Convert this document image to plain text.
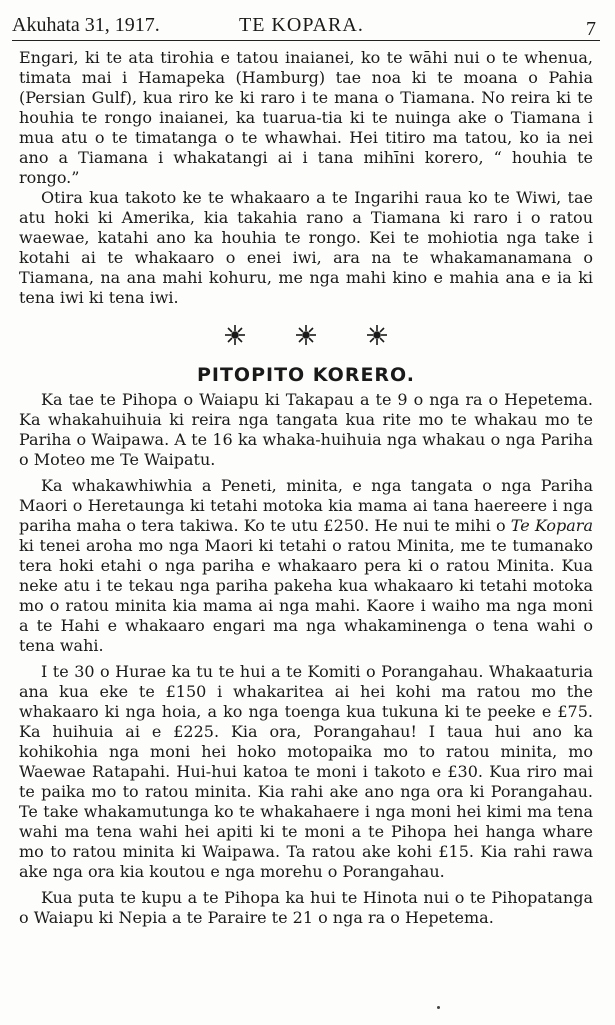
Akuhata 31, 1917.	TE KOPARA.	7

Engari, ki te ata tirohia e tatou inaianei, ko te wāhi nui o te whenua, timata mai i Hamapeka (Hamburg) tae noa ki te moana o Pahia (Persian Gulf), kua riro ke ki raro i te mana o Tiamana. No reira ki te houhia te rongo inaianei, ka tuarua-tia ki te nuinga ake o Tiamana i mua atu o te timatanga o te whawhai. Hei titiro ma tatou, ko ia nei ano a Tiamana i whakatangi ai i tana mihīni korero, “ houhia te rongo.”

Otira kua takoto ke te whakaaro a te Ingarihi raua ko te Wiwi, tae atu hoki ki Amerika, kia takahia rano a Tiamana ki raro i o ratou waewae, katahi ano ka houhia te rongo. Kei te mohiotia nga take i kotahi ai te whakaaro o enei iwi, ara na te whakamanamana o Tiamana, na ana mahi kohuru, me nga mahi kino e mahia ana e ia ki tena iwi ki tena iwi.

PITOPITO KORERO.

Ka tae te Pihopa o Waiapu ki Takapau a te 9 o nga ra o Hepetema. Ka whakahuihuia ki reira nga tangata kua rite mo te whakau mo te Pariha o Waipawa. A te 16 ka whaka-huihuia nga whakau o nga Pariha o Moteo me Te Waipatu.

Ka whakawhiwhia a Peneti, minita, e nga tangata o nga Pariha Maori o Heretaunga ki tetahi motoka kia mama ai tana haereere i nga pariha maha o tera takiwa. Ko te utu £250. He nui te mihi o Te Kopara ki tenei aroha mo nga Maori ki tetahi o ratou Minita, me te tumanako tera hoki etahi o nga pariha e whakaaro pera ki o ratou Minita. Kua neke atu i te tekau nga pariha pakeha kua whakaaro ki tetahi motoka mo o ratou minita kia mama ai nga mahi. Kaore i waiho ma nga moni a te Hahi e whakaaro engari ma nga whakaminenga o tena wahi o tena wahi.

I te 30 o Hurae ka tu te hui a te Komiti o Porangahau. Whakaaturia ana kua eke te £150 i whakaritea ai hei kohi ma ratou mo the whakaaro ki nga hoia, a ko nga toenga kua tukuna ki te peeke e £75. Ka huihuia ai e £225. Kia ora, Porangahau! I taua hui ano ka kohikohia nga moni hei hoko motopaika mo to ratou minita, mo Waewae Ratapahi. Hui-hui katoa te moni i takoto e £30. Kua riro mai te paika mo to ratou minita. Kia rahi ake ano nga ora ki Porangahau. Te take whakamutunga ko te whakahaere i nga moni hei kimi ma tena wahi ma tena wahi hei apiti ki te moni a te Pihopa hei hanga whare mo to ratou minita ki Waipawa. Ta ratou ake kohi £15. Kia rahi rawa ake nga ora kia koutou e nga morehu o Porangahau.

Kua puta te kupu a te Pihopa ka hui te Hinota nui o te Pihopatanga o Waiapu ki Nepia a te Paraire te 21 o nga ra o Hepetema.
